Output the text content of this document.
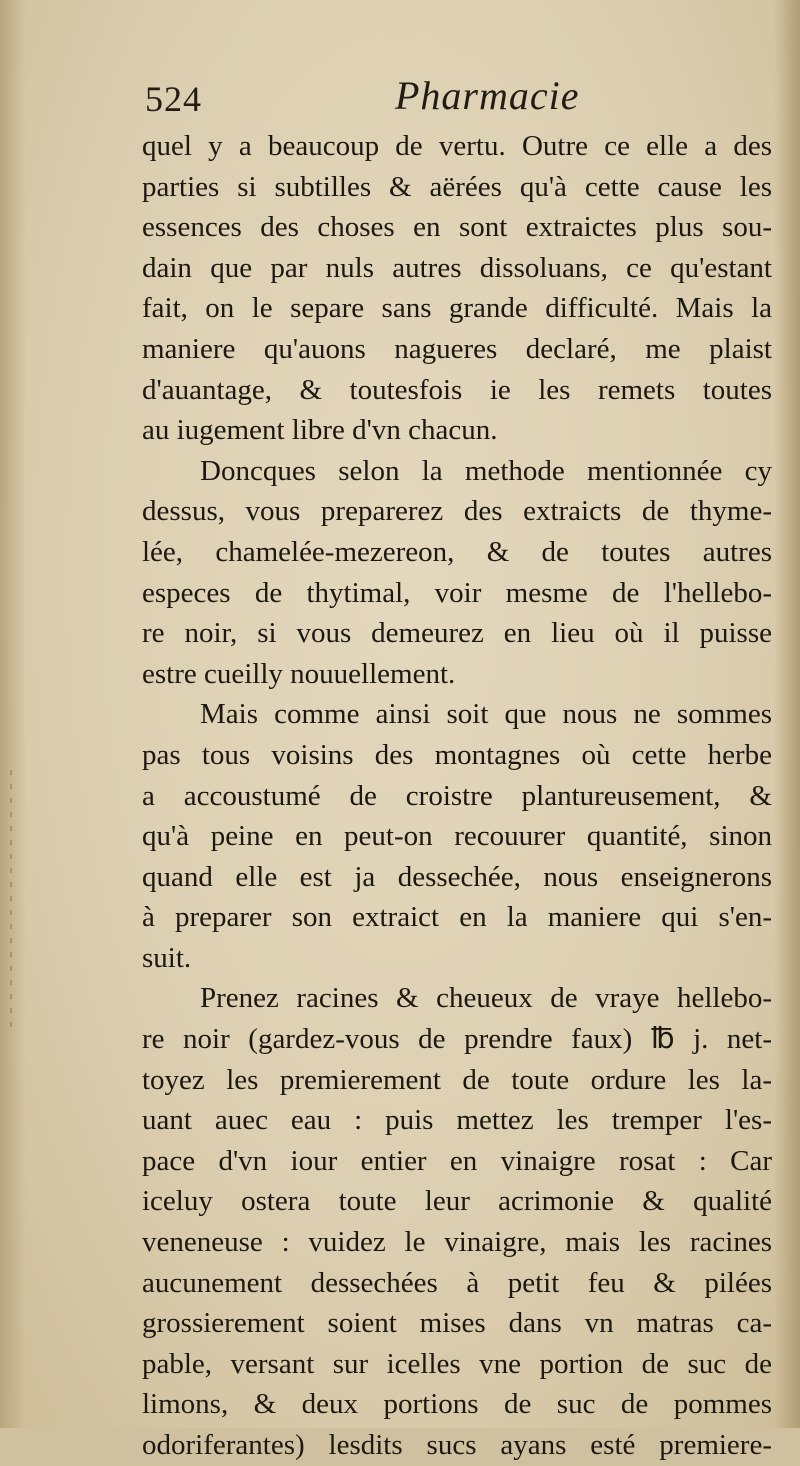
524	Pharmacie
quel y a beaucoup de vertu. Outre ce elle a des
parties si subtilles & aërées qu'à cette cause les
essences des choses en sont extraictes plus sou-
dain que par nuls autres dissoluans, ce qu'estant
fait, on le separe sans grande difficulté. Mais la
maniere qu'auons nagueres declaré, me plaist
d'auantage, & toutesfois ie les remets toutes
au iugement libre d'vn chacun.
Doncques selon la methode mentionnée cy
dessus, vous preparerez des extraicts de thyme-
lée, chamelée-mezereon, & de toutes autres
especes de thytimal, voir mesme de l'hellebo-
re noir, si vous demeurez en lieu où il puisse
estre cueilly nouuellement.
Mais comme ainsi soit que nous ne sommes
pas tous voisins des montagnes où cette herbe
a accoustumé de croistre plantureusement, &
qu'à peine en peut-on recouurer quantité, sinon
quand elle est ja dessechée, nous enseignerons
à preparer son extraict en la maniere qui s'en-
suit.
Prenez racines & cheueux de vraye hellebo-
re noir (gardez-vous de prendre faux) ℔ j. net-
toyez les premierement de toute ordure les la-
uant auec eau : puis mettez les tremper l'es-
pace d'vn iour entier en vinaigre rosat : Car
iceluy ostera toute leur acrimonie & qualité
veneneuse : vuidez le vinaigre, mais les racines
aucunement dessechées à petit feu & pilées
grossierement soient mises dans vn matras ca-
pable, versant sur icelles vne portion de suc de
limons, & deux portions de suc de pommes
odoriferantes) lesdits sucs ayans esté premiere-
